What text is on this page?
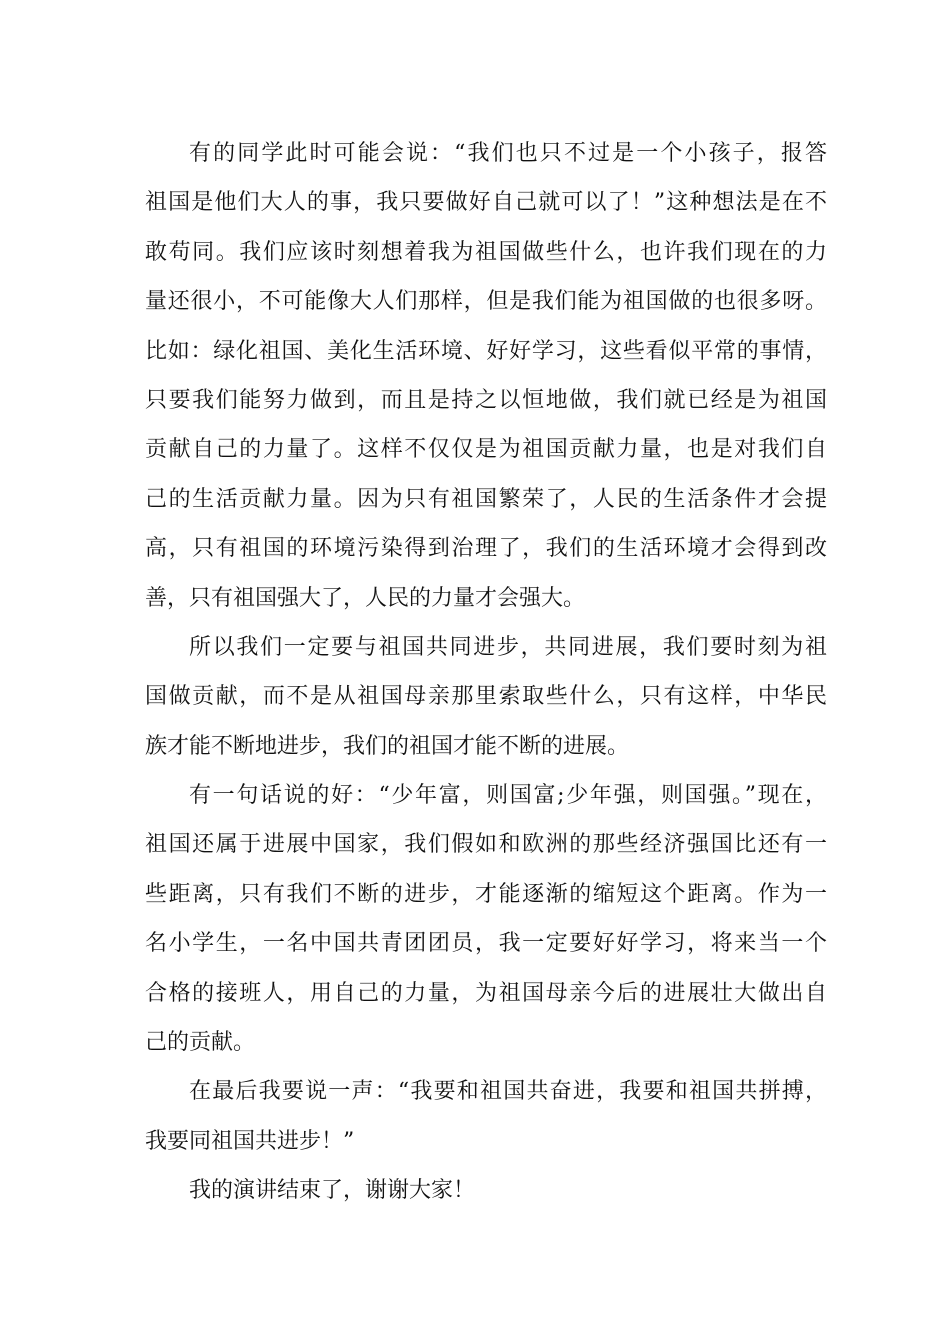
有的同学此时可能会说：“我们也只不过是一个小孩子，报答
祖国是他们大人的事，我只要做好自己就可以了！”这种想法是在不
敢苟同。我们应该时刻想着我为祖国做些什么，也许我们现在的力
量还很小，不可能像大人们那样，但是我们能为祖国做的也很多呀。
比如：绿化祖国、美化生活环境、好好学习，这些看似平常的事情，
只要我们能努力做到，而且是持之以恒地做，我们就已经是为祖国
贡献自己的力量了。这样不仅仅是为祖国贡献力量，也是对我们自
己的生活贡献力量。因为只有祖国繁荣了，人民的生活条件才会提
高，只有祖国的环境污染得到治理了，我们的生活环境才会得到改
善，只有祖国强大了，人民的力量才会强大。
所以我们一定要与祖国共同进步，共同进展，我们要时刻为祖
国做贡献，而不是从祖国母亲那里索取些什么，只有这样，中华民
族才能不断地进步，我们的祖国才能不断的进展。
有一句话说的好：“少年富，则国富;少年强，则国强。”现在，
祖国还属于进展中国家，我们假如和欧洲的那些经济强国比还有一
些距离，只有我们不断的进步，才能逐渐的缩短这个距离。作为一
名小学生，一名中国共青团团员，我一定要好好学习，将来当一个
合格的接班人，用自己的力量，为祖国母亲今后的进展壮大做出自
己的贡献。
在最后我要说一声：“我要和祖国共奋进，我要和祖国共拼搏，
我要同祖国共进步！”
我的演讲结束了，谢谢大家！
